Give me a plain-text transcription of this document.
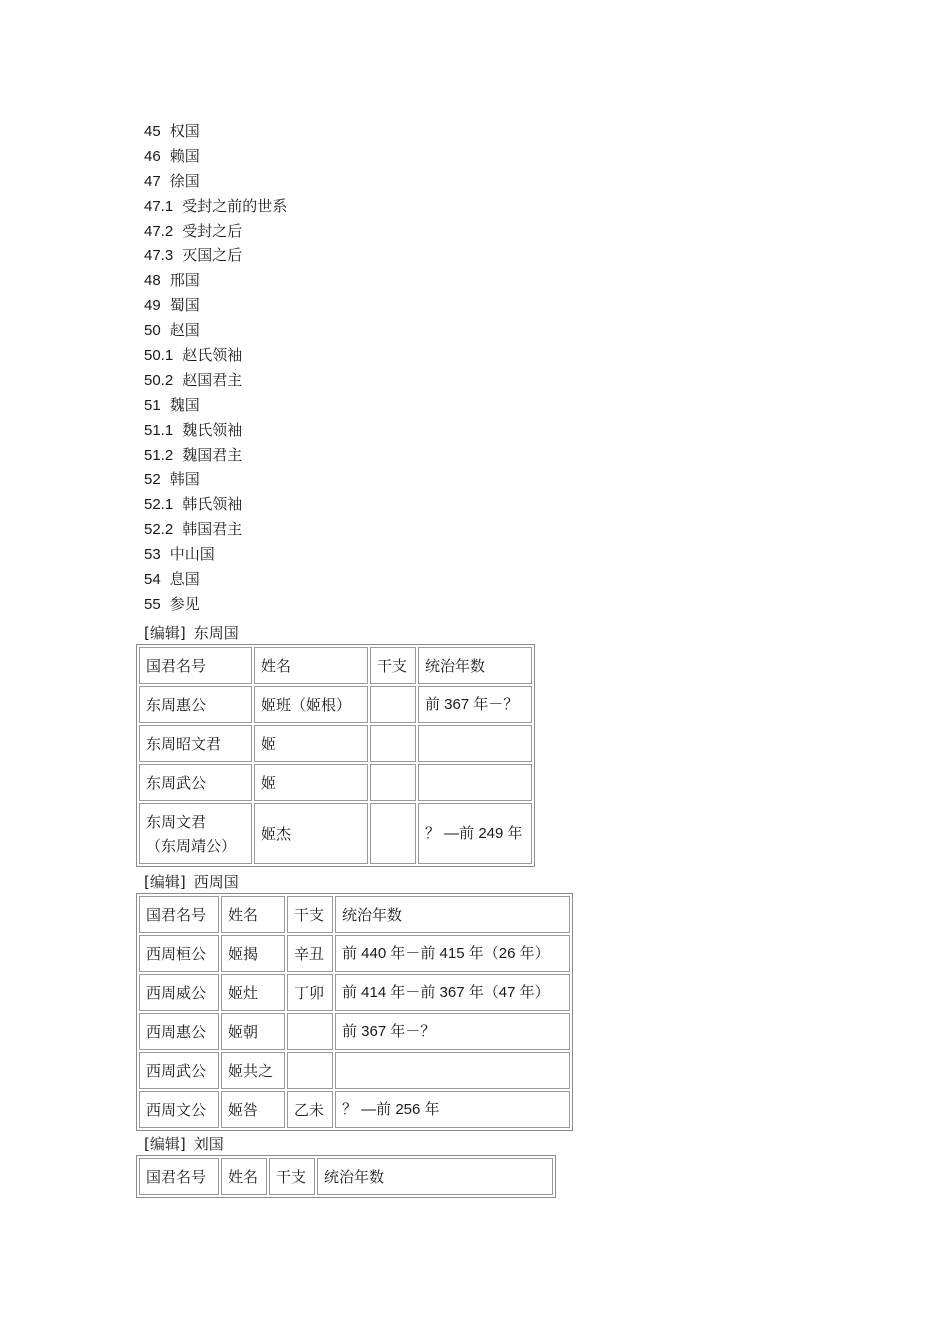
45 权国
46 赖国
47 徐国
47.1 受封之前的世系
47.2 受封之后
47.3 灭国之后
48 邢国
49 蜀国
50 赵国
50.1 赵氏领袖
50.2 赵国君主
51 魏国
51.1 魏氏领袖
51.2 魏国君主
52 韩国
52.1 韩氏领袖
52.2 韩国君主
53 中山国
54 息国
55 参见
[编辑] 东周国
国君名号	姓名	干支	统治年数
东周惠公	姬班（姬根）		前 367 年－？
东周昭文君	姬		
东周武公	姬		
东周文君
（东周靖公）	姬杰		？ —前 249 年
[编辑] 西周国
国君名号	姓名	干支	统治年数
西周桓公	姬揭	辛丑	前 440 年－前 415 年（26 年）
西周威公	姬灶	丁卯	前 414 年－前 367 年（47 年）
西周惠公	姬朝		前 367 年－？
西周武公	姬共之		
西周文公	姬咎	乙未	？ —前 256 年
[编辑] 刘国
国君名号	姓名	干支	统治年数
